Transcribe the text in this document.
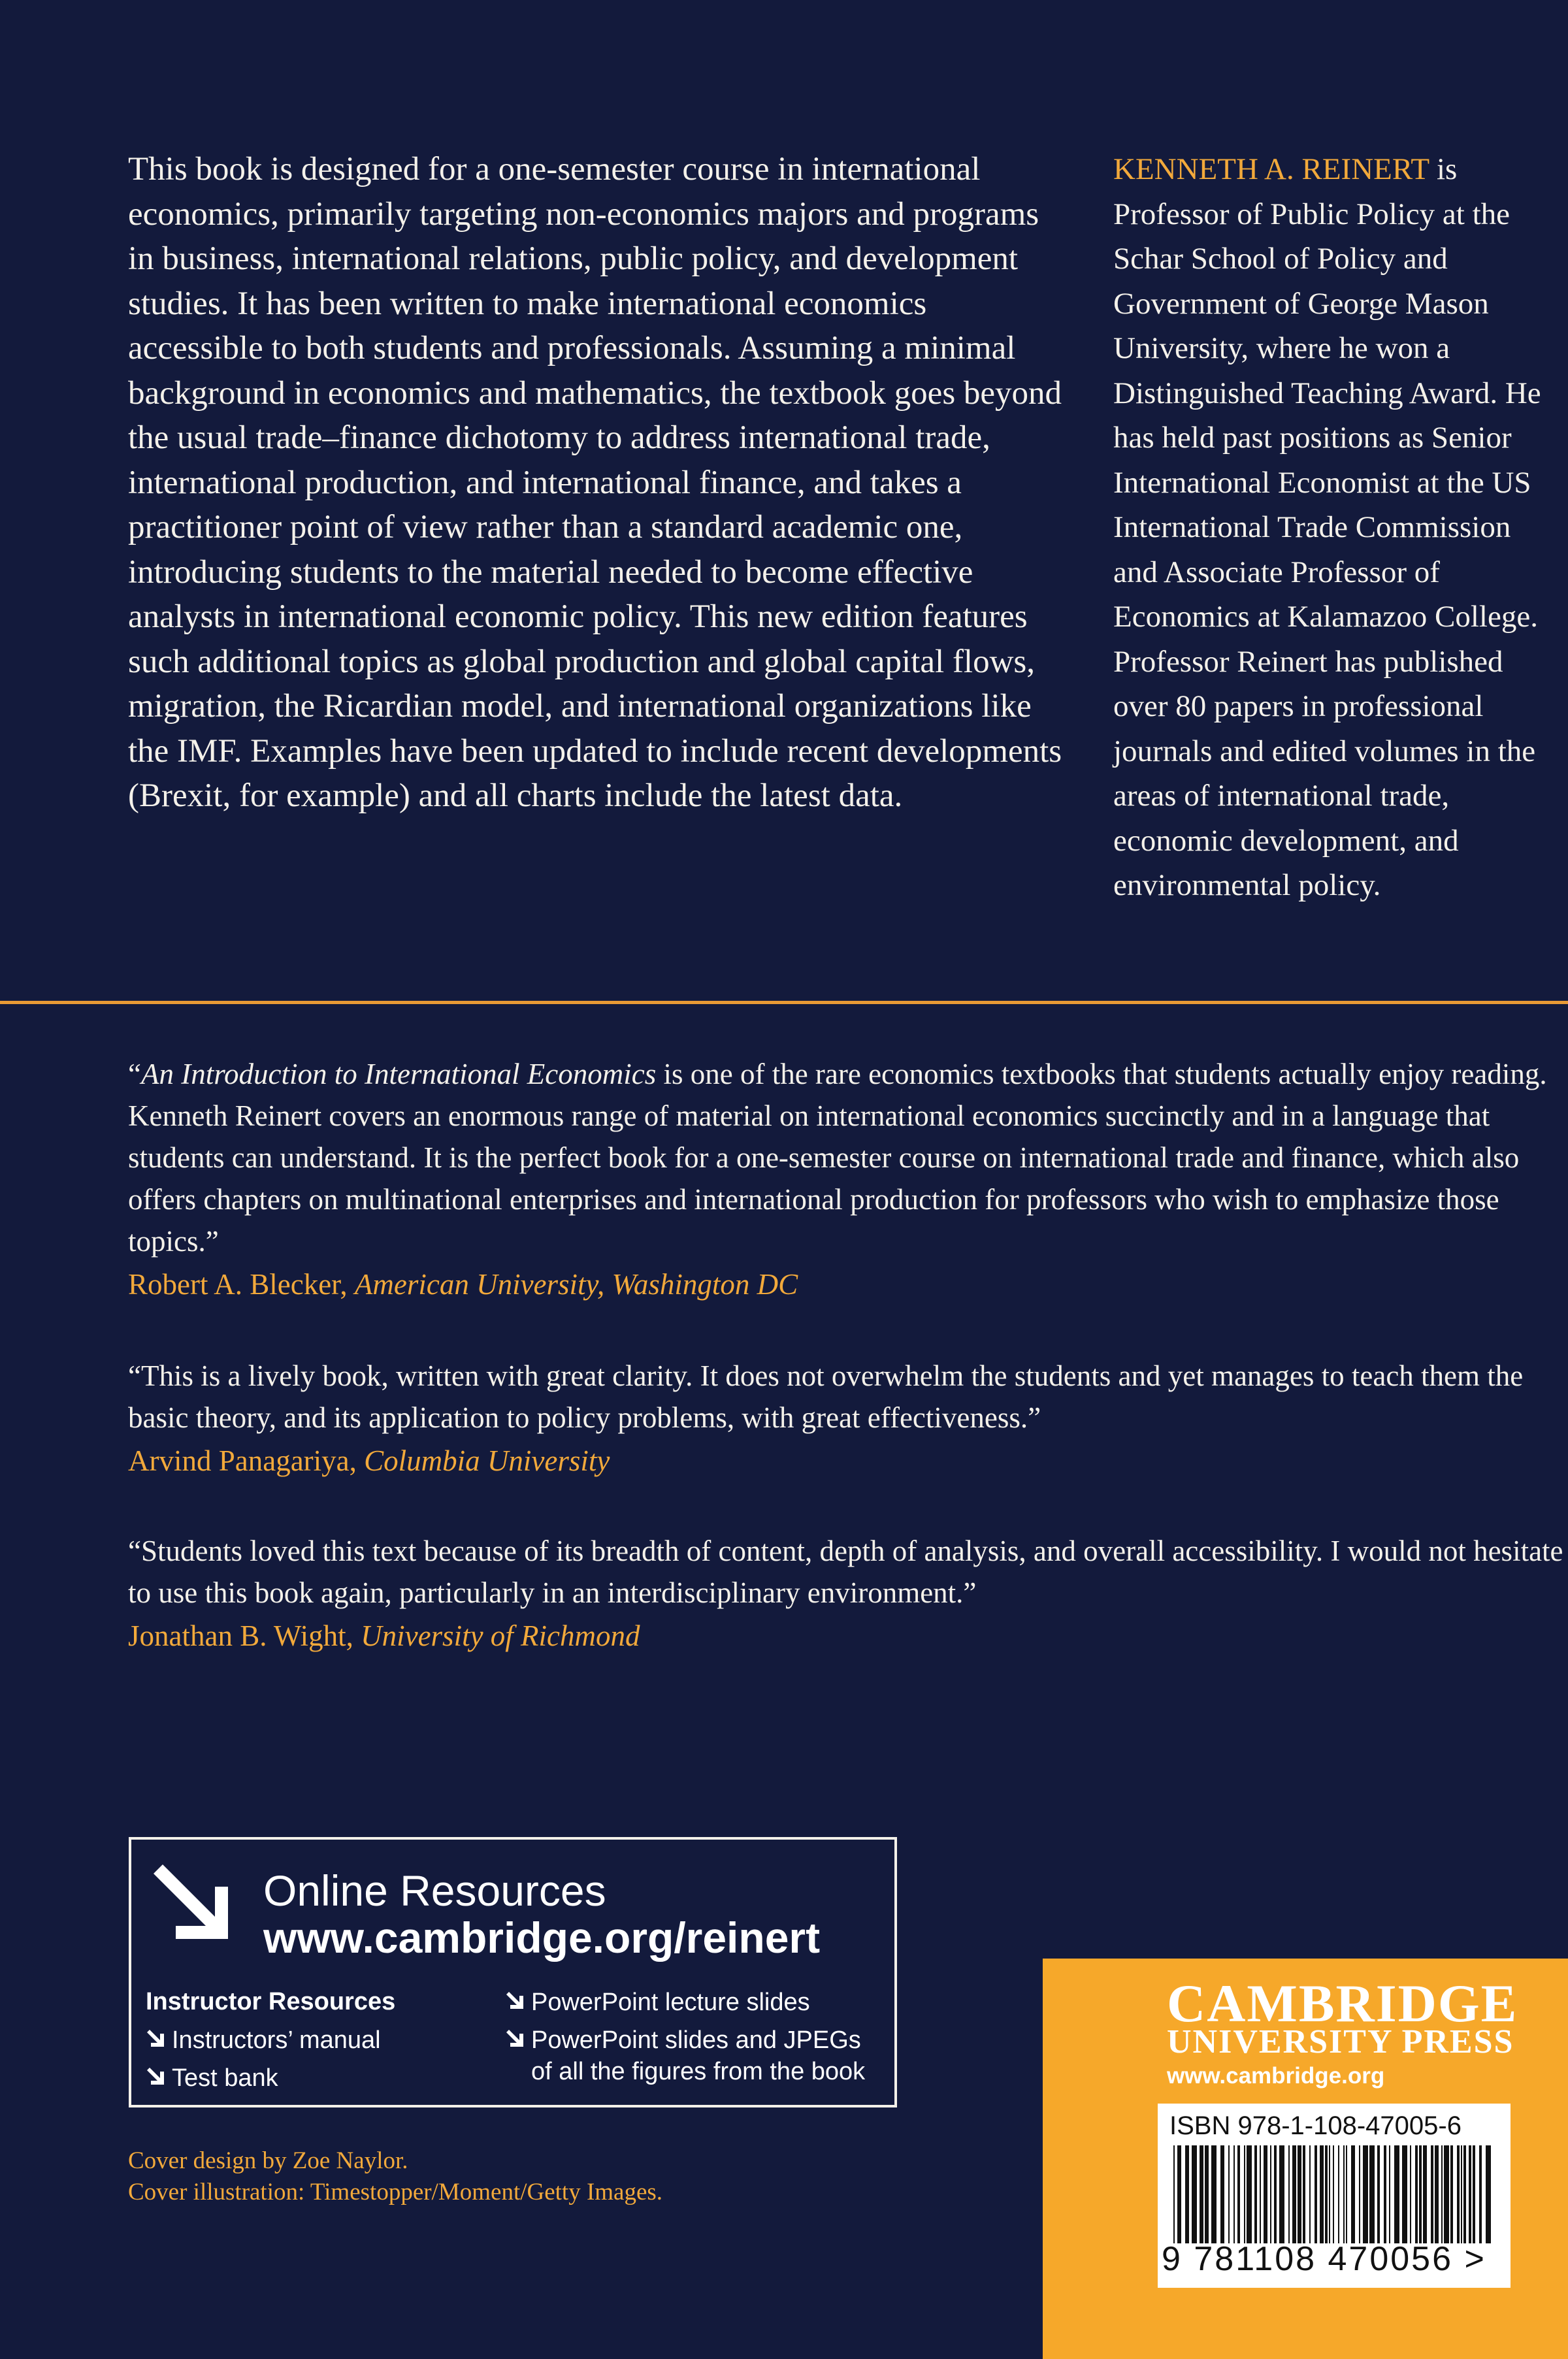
This book is designed for a one-semester course in international economics, primarily targeting non-economics majors and programs in business, international relations, public policy, and development studies. It has been written to make international economics accessible to both students and professionals. Assuming a minimal background in economics and mathematics, the textbook goes beyond the usual trade–finance dichotomy to address international trade, international production, and international finance, and takes a practitioner point of view rather than a standard academic one, introducing students to the material needed to become effective analysts in international economic policy. This new edition features such additional topics as global production and global capital flows, migration, the Ricardian model, and international organizations like the IMF. Examples have been updated to include recent developments (Brexit, for example) and all charts include the latest data.

KENNETH A. REINERT is Professor of Public Policy at the Schar School of Policy and Government of George Mason University, where he won a Distinguished Teaching Award. He has held past positions as Senior International Economist at the US International Trade Commission and Associate Professor of Economics at Kalamazoo College. Professor Reinert has published over 80 papers in professional journals and edited volumes in the areas of international trade, economic development, and environmental policy.

“An Introduction to International Economics is one of the rare economics textbooks that students actually enjoy reading. Kenneth Reinert covers an enormous range of material on international economics succinctly and in a language that students can understand. It is the perfect book for a one-semester course on international trade and finance, which also offers chapters on multinational enterprises and international production for professors who wish to emphasize those topics.”

Robert A. Blecker, American University, Washington DC

“This is a lively book, written with great clarity. It does not overwhelm the students and yet manages to teach them the basic theory, and its application to policy problems, with great effectiveness.”

Arvind Panagariya, Columbia University

“Students loved this text because of its breadth of content, depth of analysis, and overall accessibility. I would not hesitate to use this book again, particularly in an interdisciplinary environment.”

Jonathan B. Wight, University of Richmond
Online Resources
www.cambridge.org/reinert
Instructor Resources
Instructors’ manual
Test bank
PowerPoint lecture slides
PowerPoint slides and JPEGs
of all the figures from the book
Cover design by Zoe Naylor.
Cover illustration: Timestopper/Moment/Getty Images.
CAMBRIDGE
UNIVERSITY PRESS
www.cambridge.org
ISBN 978-1-108-47005-6
9 781108 470056 >
